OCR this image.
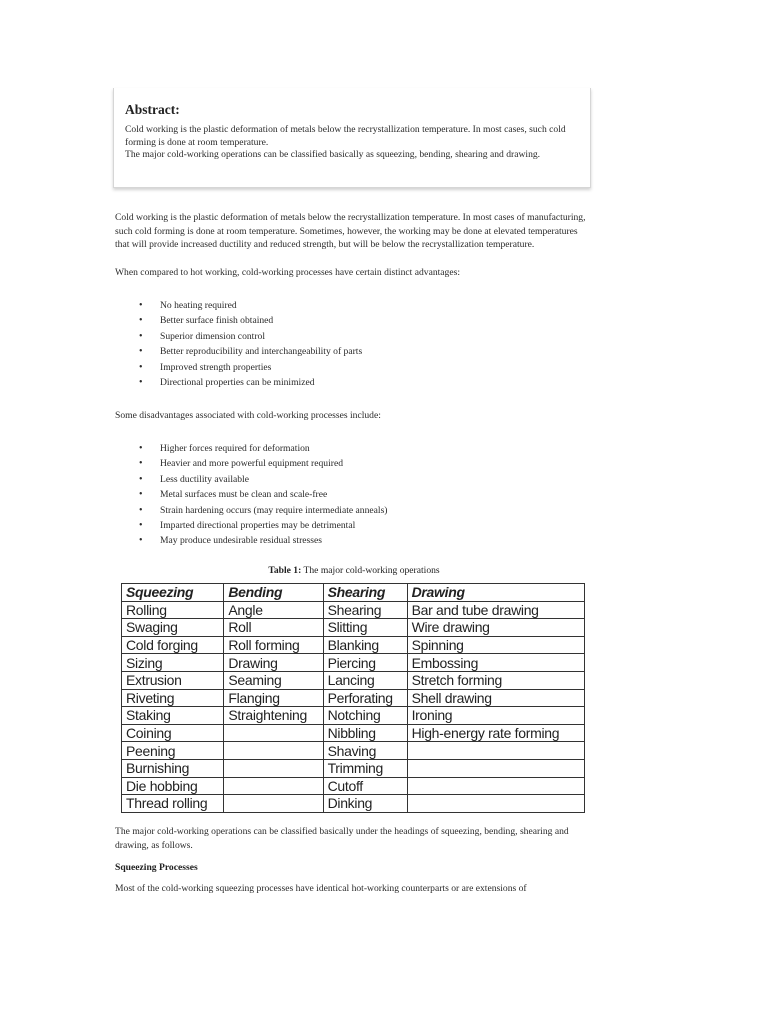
Abstract:

Cold working is the plastic deformation of metals below the recrystallization temperature. In most cases, such cold forming is done at room temperature.

The major cold-working operations can be classified basically as squeezing, bending, shearing and drawing.

Cold working is the plastic deformation of metals below the recrystallization temperature. In most cases of manufacturing, such cold forming is done at room temperature. Sometimes, however, the working may be done at elevated temperatures that will provide increased ductility and reduced strength, but will be below the recrystallization temperature.

When compared to hot working, cold-working processes have certain distinct advantages:

• No heating required
• Better surface finish obtained
• Superior dimension control
• Better reproducibility and interchangeability of parts
• Improved strength properties
• Directional properties can be minimized

Some disadvantages associated with cold-working processes include:

• Higher forces required for deformation
• Heavier and more powerful equipment required
• Less ductility available
• Metal surfaces must be clean and scale-free
• Strain hardening occurs (may require intermediate anneals)
• Imparted directional properties may be detrimental
• May produce undesirable residual stresses
Table 1: The major cold-working operations
Squeezing	Bending	Shearing	Drawing
Rolling	Angle	Shearing	Bar and tube drawing
Swaging	Roll	Slitting	Wire drawing
Cold forging	Roll forming	Blanking	Spinning
Sizing	Drawing	Piercing	Embossing
Extrusion	Seaming	Lancing	Stretch forming
Riveting	Flanging	Perforating	Shell drawing
Staking	Straightening	Notching	Ironing
Coining		Nibbling	High-energy rate forming
Peening		Shaving	
Burnishing		Trimming	
Die hobbing		Cutoff	
Thread rolling		Dinking	

The major cold-working operations can be classified basically under the headings of squeezing, bending, shearing and drawing, as follows.

Squeezing Processes

Most of the cold-working squeezing processes have identical hot-working counterparts or are extensions of
